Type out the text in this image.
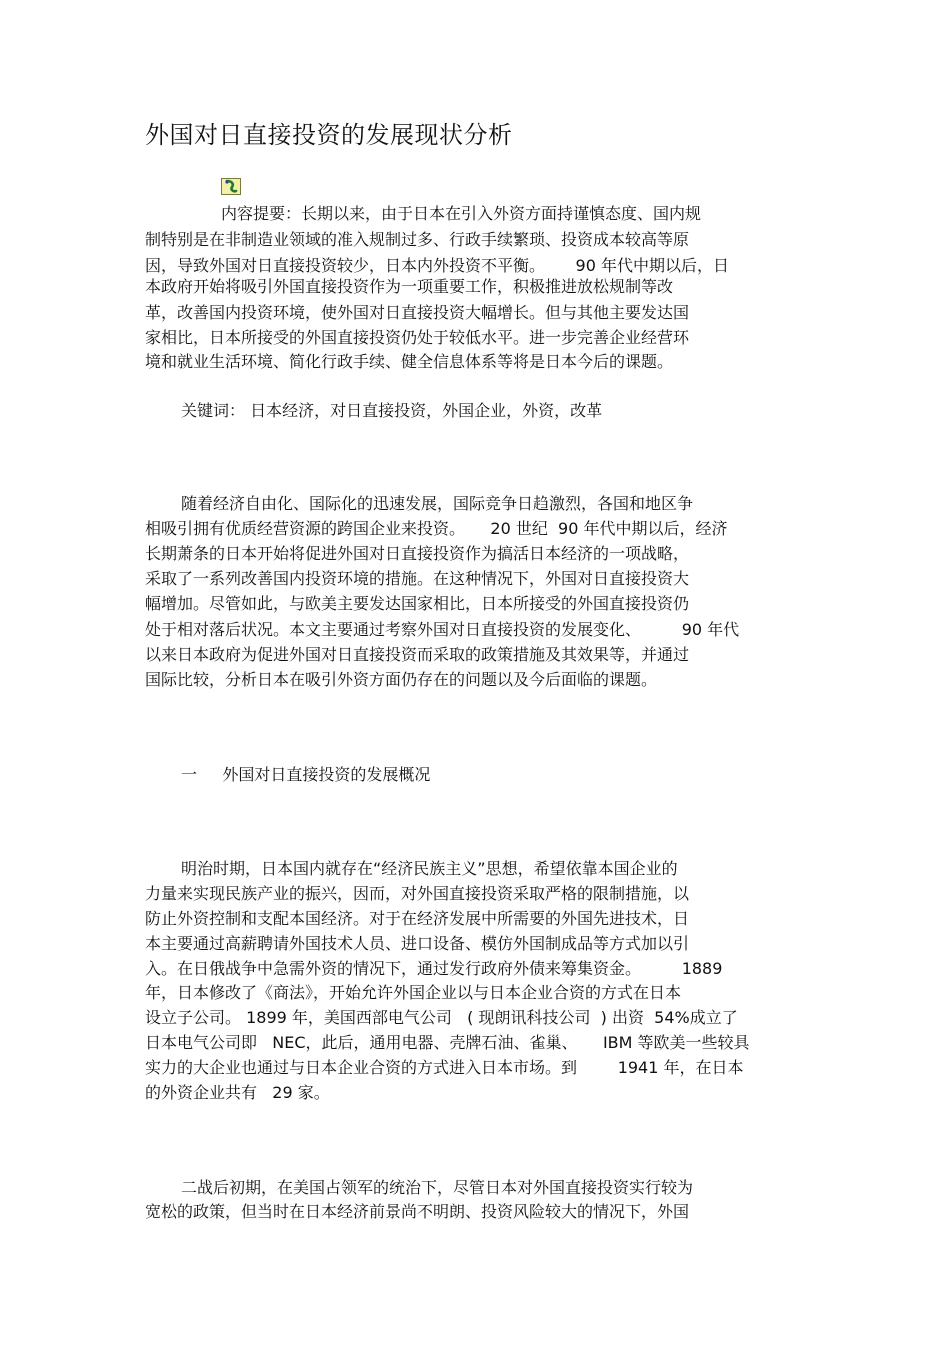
外国对日直接投资的发展现状分析
内容提要：长期以来，由于日本在引入外资方面持谨慎态度、国内规
制特别是在非制造业领域的准入规制过多、行政手续繁琐、投资成本较高等原
因，导致外国对日直接投资较少，日本内外投资不平衡。      90 年代中期以后，日
本政府开始将吸引外国直接投资作为一项重要工作，积极推进放松规制等改
革，改善国内投资环境，使外国对日直接投资大幅增长。但与其他主要发达国
家相比，日本所接受的外国直接投资仍处于较低水平。进一步完善企业经营环
境和就业生活环境、简化行政手续、健全信息体系等将是日本今后的课题。
关键词： 日本经济，对日直接投资，外国企业，外资，改革
随着经济自由化、国际化的迅速发展，国际竞争日趋激烈，各国和地区争
相吸引拥有优质经营资源的跨国企业来投资。     20 世纪  90 年代中期以后，经济
长期萧条的日本开始将促进外国对日直接投资作为搞活日本经济的一项战略，
采取了一系列改善国内投资环境的措施。在这种情况下，外国对日直接投资大
幅增加。尽管如此，与欧美主要发达国家相比，日本所接受的外国直接投资仍
处于相对落后状况。本文主要通过考察外国对日直接投资的发展变化、        90 年代
以来日本政府为促进外国对日直接投资而采取的政策措施及其效果等，并通过
国际比较，分析日本在吸引外资方面仍存在的问题以及今后面临的课题。
一     外国对日直接投资的发展概况
明治时期，日本国内就存在“经济民族主义”思想，希望依靠本国企业的
力量来实现民族产业的振兴，因而，对外国直接投资采取严格的限制措施，以
防止外资控制和支配本国经济。对于在经济发展中所需要的外国先进技术，日
本主要通过高薪聘请外国技术人员、进口设备、模仿外国制成品等方式加以引
入。在日俄战争中急需外资的情况下，通过发行政府外债来筹集资金。        1889
年，日本修改了《商法》，开始允许外国企业以与日本企业合资的方式在日本
设立子公司。 1899 年，美国西部电气公司   ( 现朗讯科技公司  ) 出资  54%成立了
日本电气公司即   NEC，此后，通用电器、壳牌石油、雀巢、     IBM 等欧美一些较具
实力的大企业也通过与日本企业合资的方式进入日本市场。到        1941 年，在日本
的外资企业共有   29 家。
二战后初期，在美国占领军的统治下，尽管日本对外国直接投资实行较为
宽松的政策，但当时在日本经济前景尚不明朗、投资风险较大的情况下，外国
